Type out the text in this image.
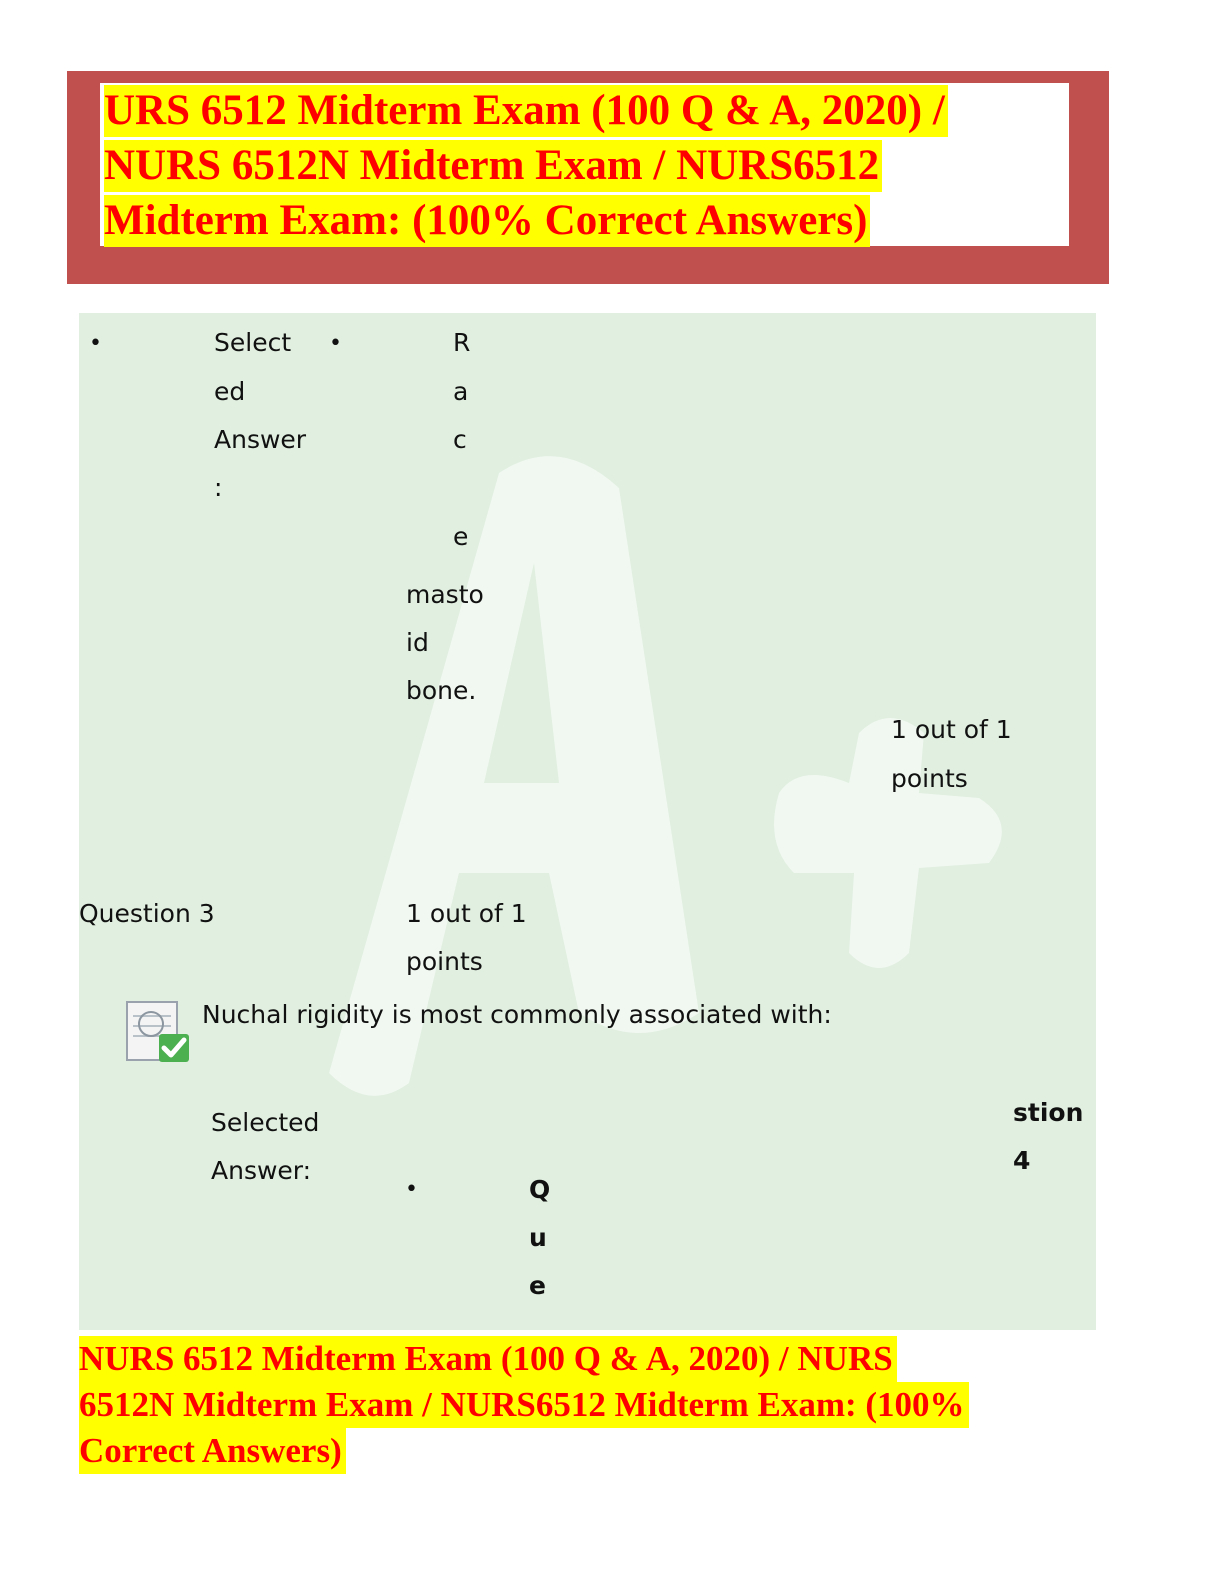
URS 6512 Midterm Exam (100 Q & A, 2020) /
NURS 6512N Midterm Exam / NURS6512
Midterm Exam: (100% Correct Answers)
•	Select
ed
Answer
:
•	R
a
c
e
masto
id
bone.
1 out of 1
points
Question 3	1 out of 1
points
Nuchal rigidity is most commonly associated with:
Selected
Answer:
•	Q
u
e
stion
4
NURS 6512 Midterm Exam (100 Q & A, 2020) / NURS
6512N Midterm Exam / NURS6512 Midterm Exam: (100%
Correct Answers)
